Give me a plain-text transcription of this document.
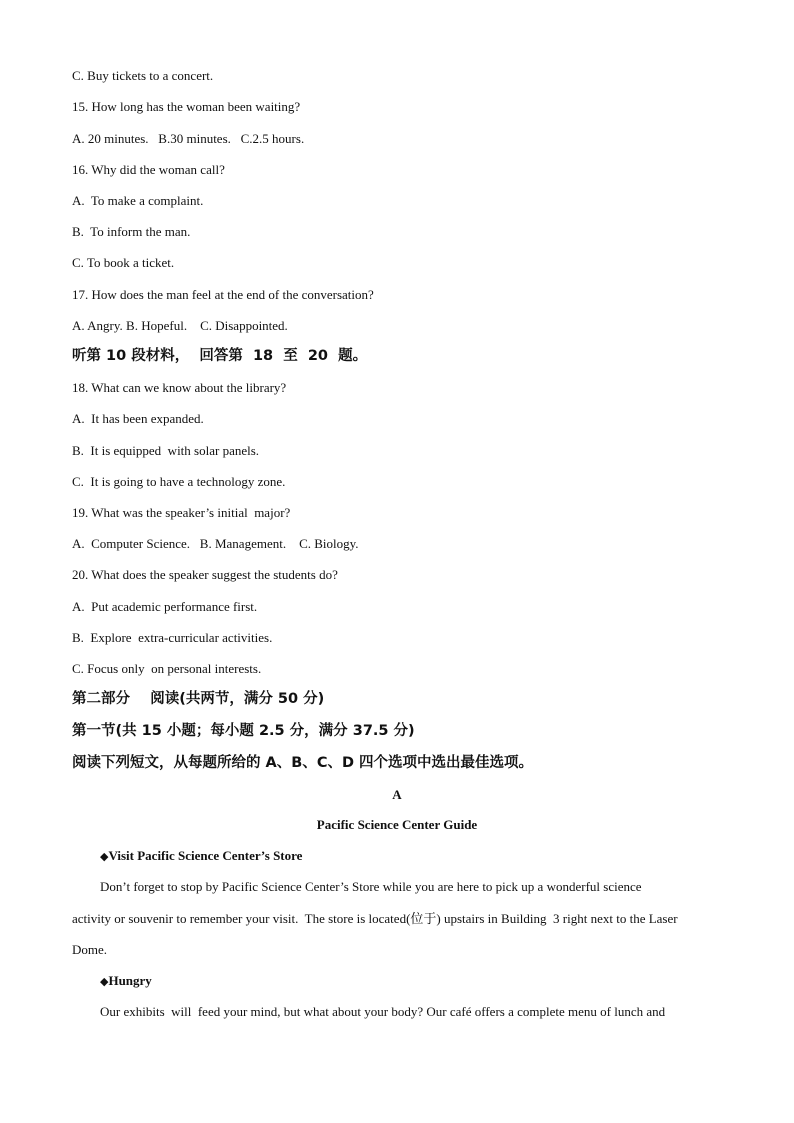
C. Buy tickets to a concert.
15. How long has the woman been waiting?
A. 20 minutes.   B.30 minutes.   C.2.5 hours.
16. Why did the woman call?
A.  To make a complaint.
B.  To inform the man.
C. To book a ticket.
17. How does the man feel at the end of the conversation?
A. Angry. B. Hopeful.    C. Disappointed.
听第 10 段材料，  回答第  18  至  20  题。
18. What can we know about the library?
A.  It has been expanded.
B.  It is equipped  with solar panels.
C.  It is going to have a technology zone.
19. What was the speaker’s initial  major?
A.  Computer Science.   B. Management.    C. Biology.
20. What does the speaker suggest the students do?
A.  Put academic performance first.
B.  Explore  extra-curricular activities.
C. Focus only  on personal interests.
第二部分    阅读(共两节，满分 50 分)
第一节(共 15 小题；每小题 2.5 分，满分 37.5 分)
阅读下列短文，从每题所给的 A、B、C、D 四个选项中选出最佳选项。
A
Pacific Science Center Guide
◆Visit Pacific Science Center’s Store
Don’t forget to stop by Pacific Science Center’s Store while you are here to pick up a wonderful science
activity or souvenir to remember your visit.  The store is located(位于) upstairs in Building  3 right next to the Laser
Dome.
◆Hungry
Our exhibits  will  feed your mind, but what about your body? Our café offers a complete menu of lunch and
